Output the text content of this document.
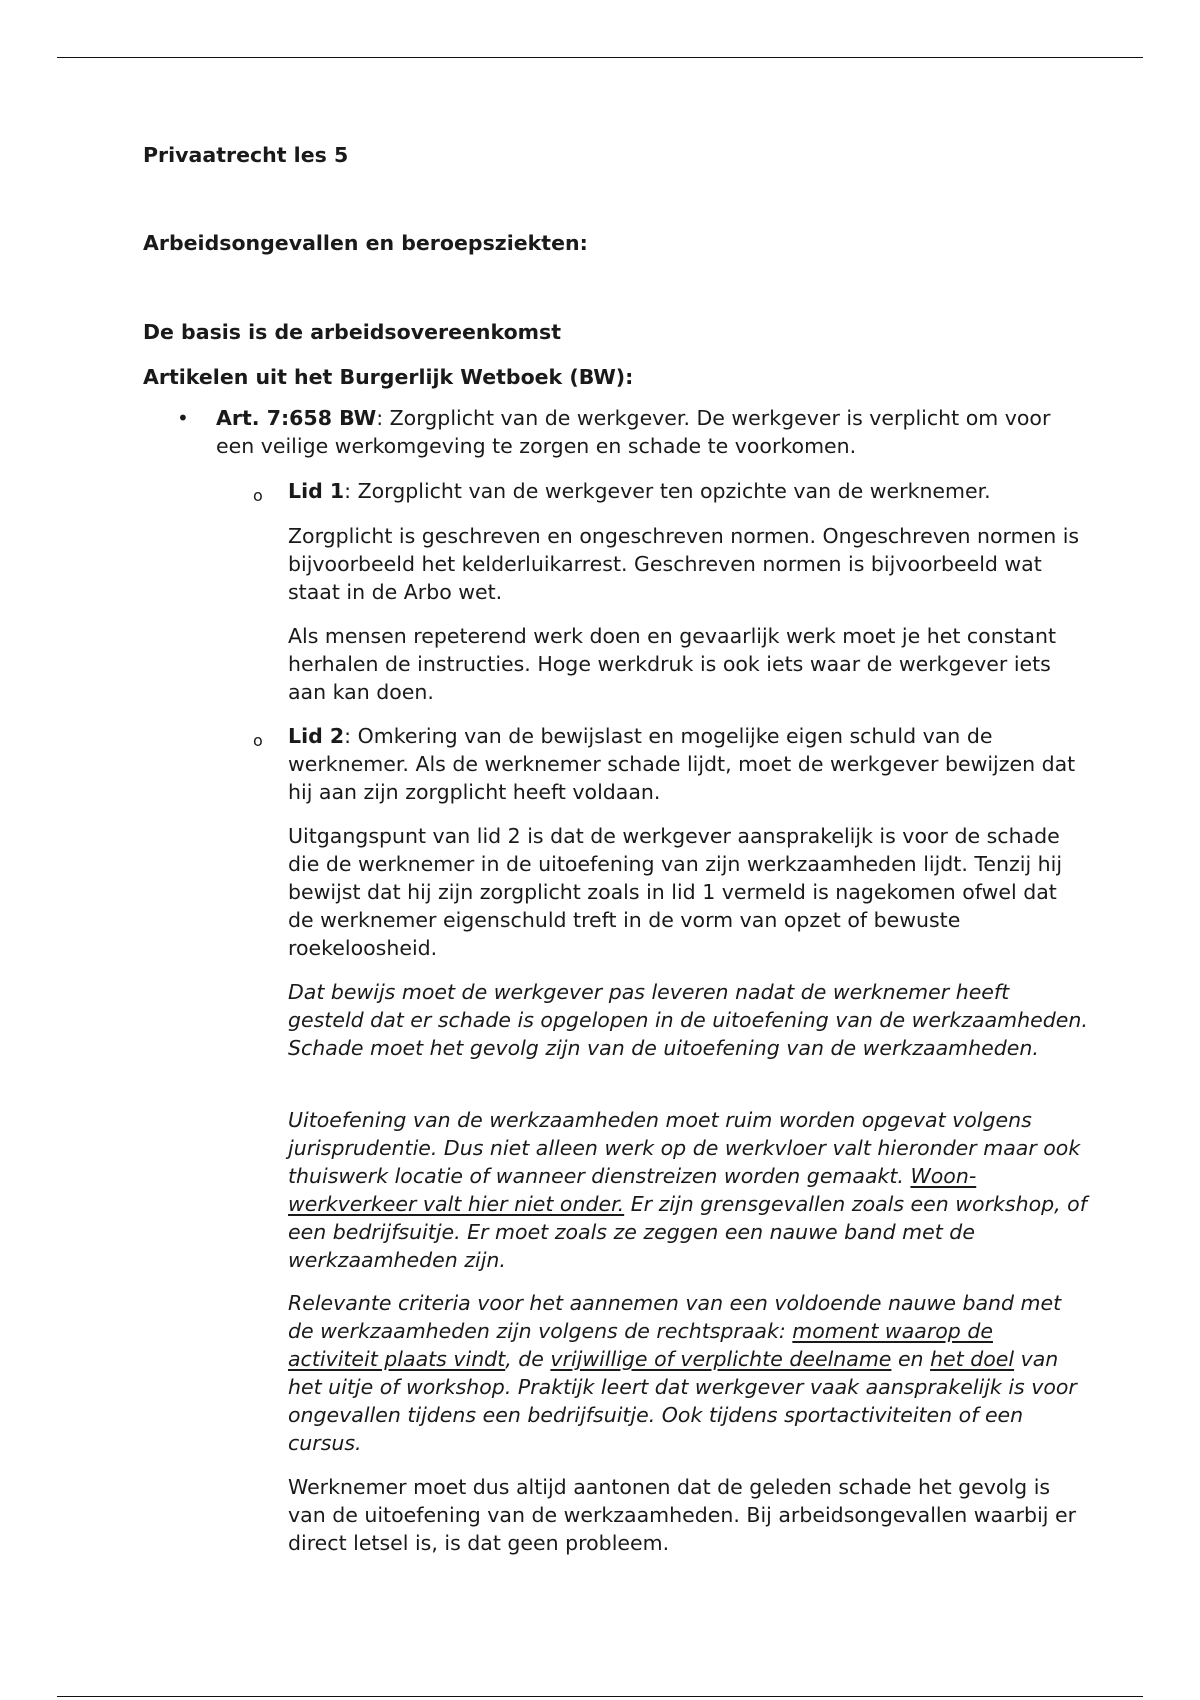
Privaatrecht les 5

Arbeidsongevallen en beroepsziekten:

De basis is de arbeidsovereenkomst

Artikelen uit het Burgerlijk Wetboek (BW):

• Art. 7:658 BW: Zorgplicht van de werkgever. De werkgever is verplicht om voor een veilige werkomgeving te zorgen en schade te voorkomen.
o Lid 1: Zorgplicht van de werkgever ten opzichte van de werknemer.

Zorgplicht is geschreven en ongeschreven normen. Ongeschreven normen is bijvoorbeeld het kelderluikarrest. Geschreven normen is bijvoorbeeld wat staat in de Arbo wet.

Als mensen repeterend werk doen en gevaarlijk werk moet je het constant herhalen de instructies. Hoge werkdruk is ook iets waar de werkgever iets aan kan doen.

o Lid 2: Omkering van de bewijslast en mogelijke eigen schuld van de werknemer. Als de werknemer schade lijdt, moet de werkgever bewijzen dat hij aan zijn zorgplicht heeft voldaan.

Uitgangspunt van lid 2 is dat de werkgever aansprakelijk is voor de schade die de werknemer in de uitoefening van zijn werkzaamheden lijdt. Tenzij hij bewijst dat hij zijn zorgplicht zoals in lid 1 vermeld is nagekomen ofwel dat de werknemer eigenschuld treft in de vorm van opzet of bewuste roekeloosheid.

Dat bewijs moet de werkgever pas leveren nadat de werknemer heeft gesteld dat er schade is opgelopen in de uitoefening van de werkzaamheden. Schade moet het gevolg zijn van de uitoefening van de werkzaamheden.

Uitoefening van de werkzaamheden moet ruim worden opgevat volgens jurisprudentie. Dus niet alleen werk op de werkvloer valt hieronder maar ook thuiswerk locatie of wanneer dienstreizen worden gemaakt. Woon- werkverkeer valt hier niet onder. Er zijn grensgevallen zoals een workshop, of een bedrijfsuitje. Er moet zoals ze zeggen een nauwe band met de werkzaamheden zijn.

Relevante criteria voor het aannemen van een voldoende nauwe band met de werkzaamheden zijn volgens de rechtspraak: moment waarop de activiteit plaats vindt, de vrijwillige of verplichte deelname en het doel van het uitje of workshop. Praktijk leert dat werkgever vaak aansprakelijk is voor ongevallen tijdens een bedrijfsuitje. Ook tijdens sportactiviteiten of een cursus.

Werknemer moet dus altijd aantonen dat de geleden schade het gevolg is van de uitoefening van de werkzaamheden. Bij arbeidsongevallen waarbij er direct letsel is, is dat geen probleem.
